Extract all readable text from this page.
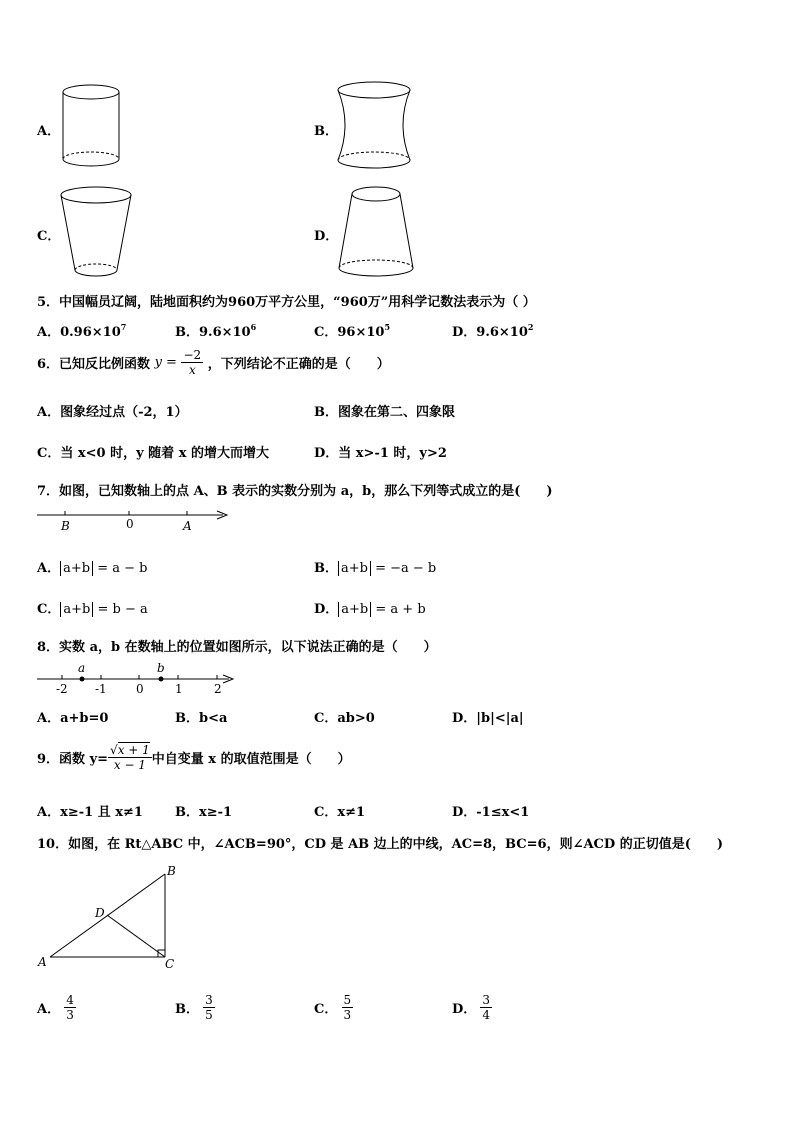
A．	B．
C．	D．
5．中国幅员辽阔，陆地面积约为960万平方公里，“960万”用科学记数法表示为（ ）
A．$0.96\times 10^7$	B．$9.6\times 10^6$	C．$96\times 10^5$	D．$9.6\times 10^2$
6．已知反比例函数 $y = \frac{-2}{x}$ ，下列结论不正确的是（　　）
A．图象经过点（-2，1）	B．图象在第二、四象限
C．当 x<0 时，y 随着 x 的增大而增大	D．当 x>-1 时，y>2
7．如图，已知数轴上的点 A、B 表示的实数分别为 a，b，那么下列等式成立的是(　　)
B	0	A
A． a+b = a − b	B． a+b = −a − b
C． a+b = b − a	D． a+b = a + b
8．实数 a，b 在数轴上的位置如图所示，以下说法正确的是（　　）
a	b
-2 -1 0	1	2
A．a+b=0	B．b<a	C．ab>0	D．|b|<|a|
9．函数 $y= \frac{√x + 1}{x - 1}$ 中自变量 x 的取值范围是（　　）
A．x≥-1 且 x≠1 B．x≥-1	C．x≠1	D．-1≤x<1
10．如图，在 Rt△ABC 中，∠ACB=90°，CD 是 AB 边上的中线，AC=8，BC=6，则∠ACD 的正切值是(　　)
A
B
C
D
A． $\frac{4}{3}$	B． $\frac{3}{5}$	C． $\frac{5}{3}$	D． $\frac{3}{4}$
